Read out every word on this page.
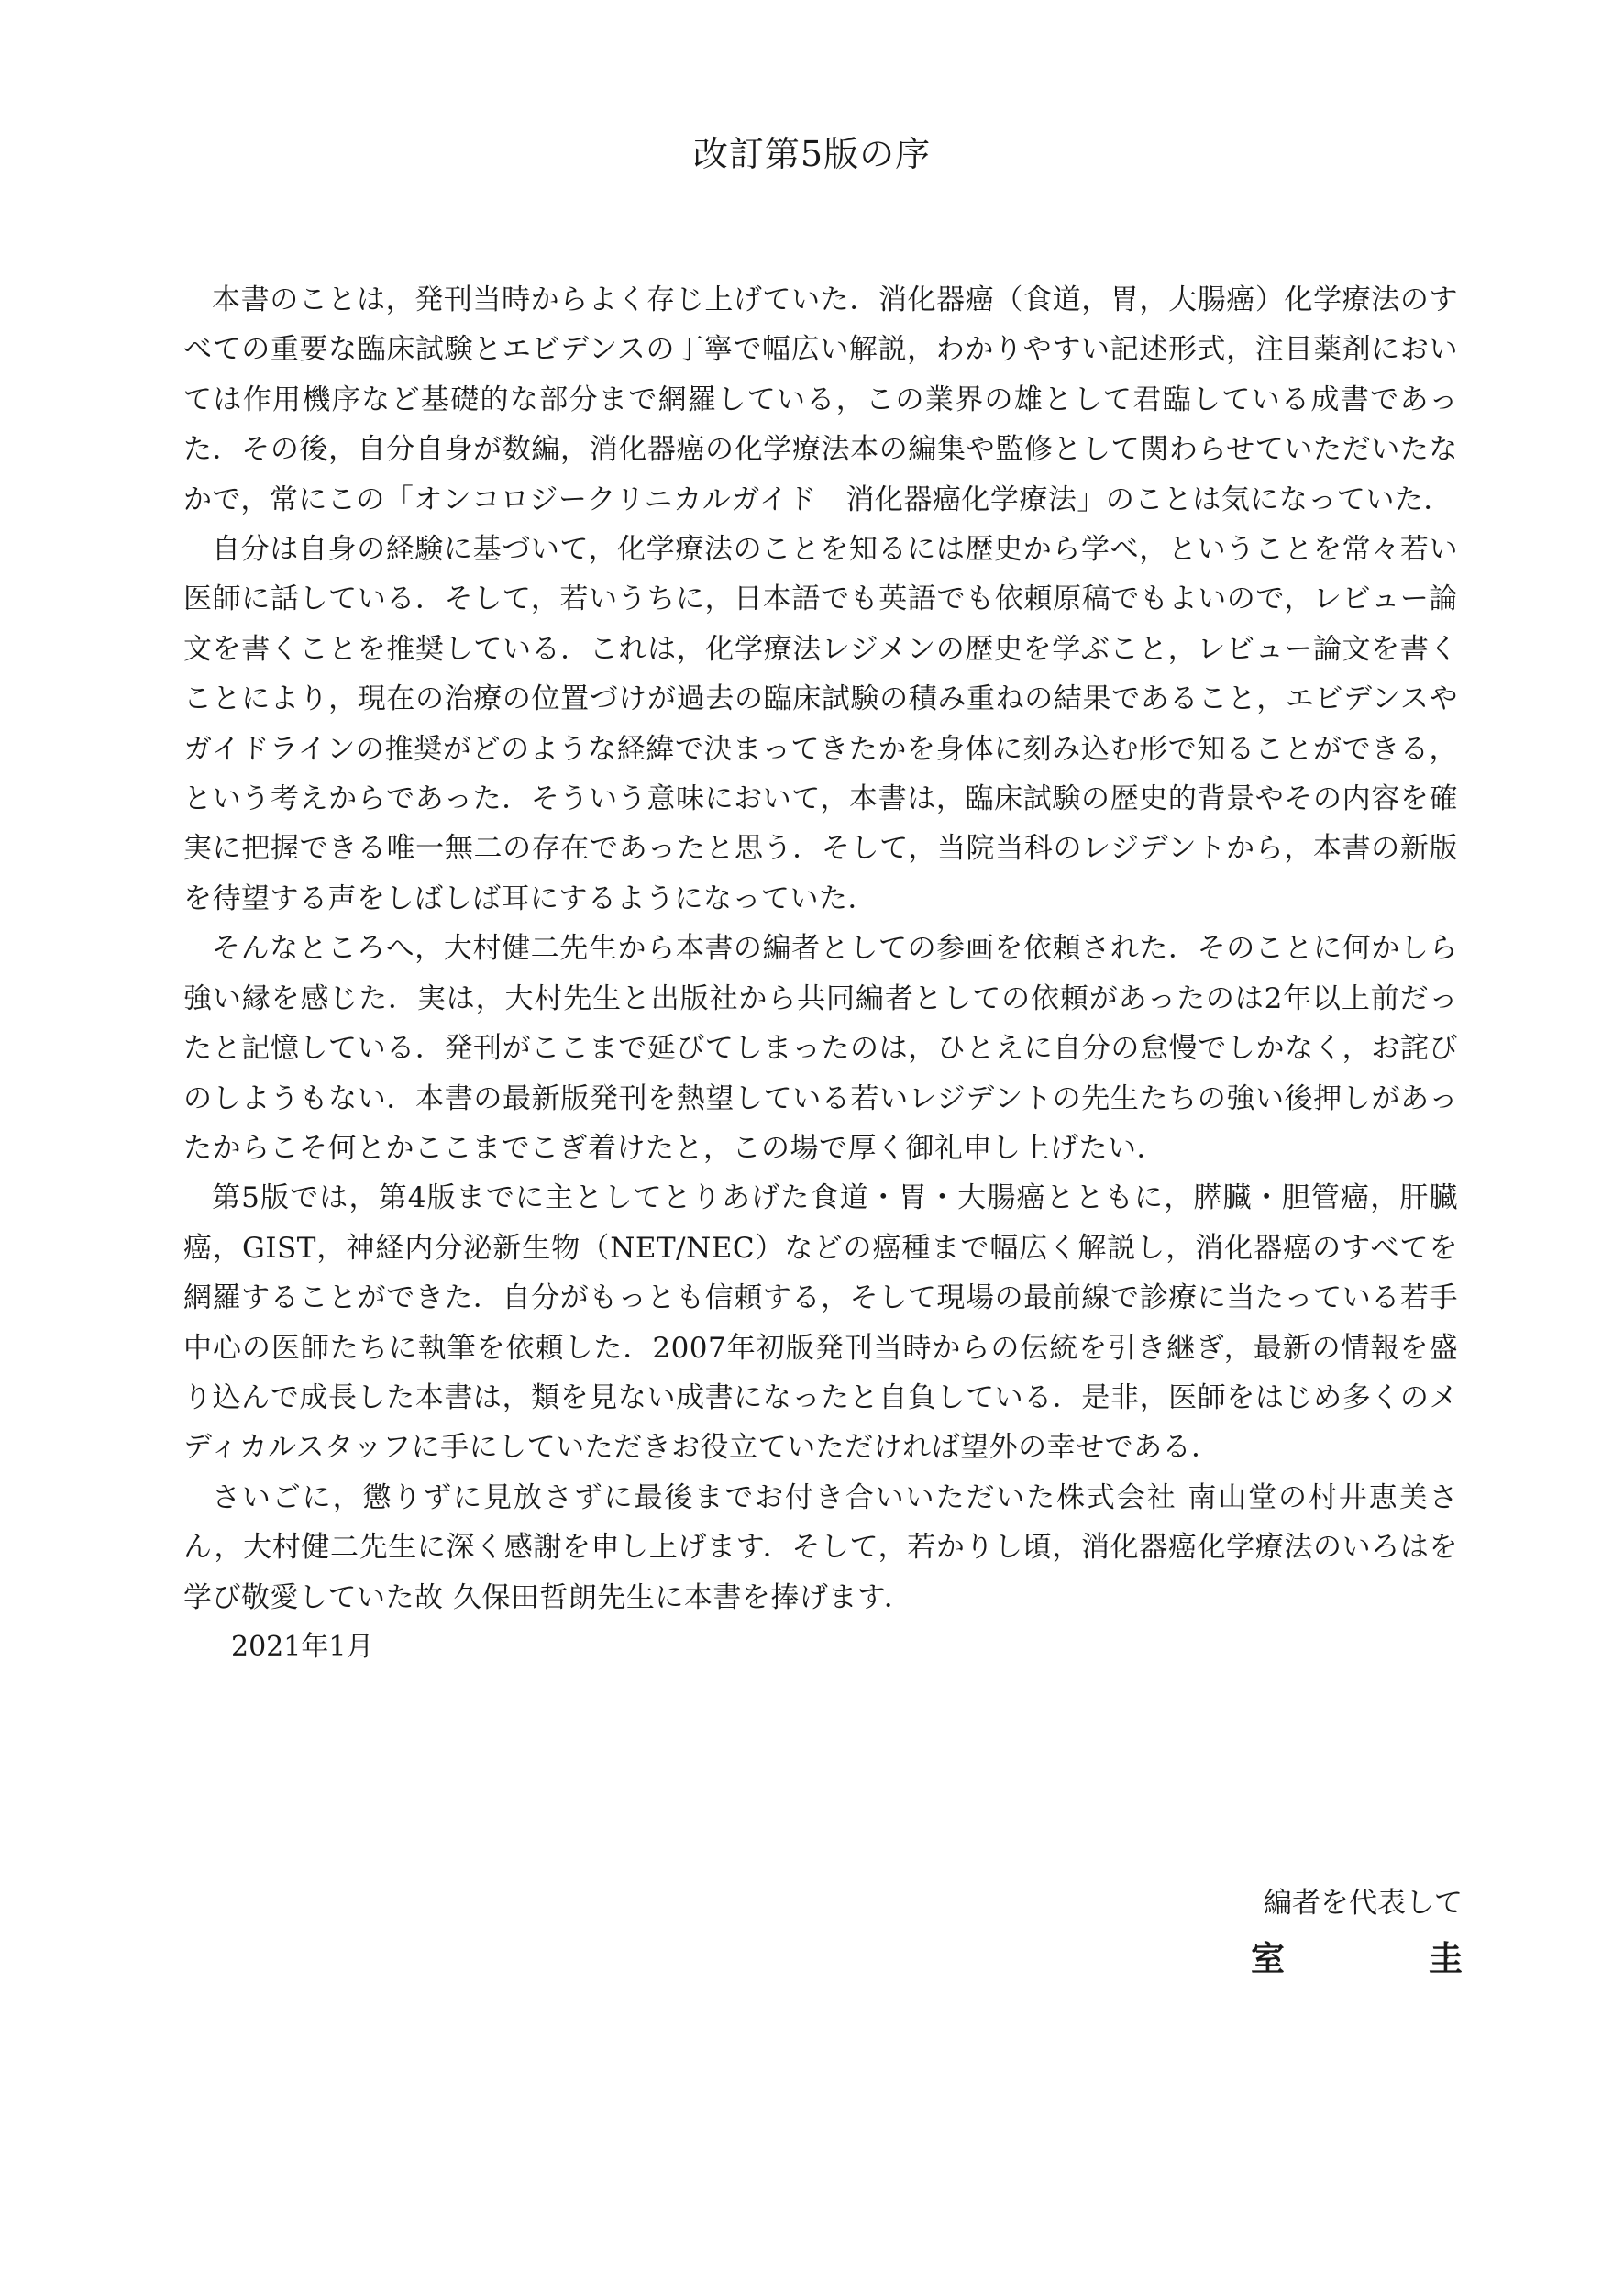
改訂第5版の序

本書のことは，発刊当時からよく存じ上げていた．消化器癌（食道，胃，大腸癌）化学療法のすべての重要な臨床試験とエビデンスの丁寧で幅広い解説，わかりやすい記述形式，注目薬剤においては作用機序など基礎的な部分まで網羅している，この業界の雄として君臨している成書であった．その後，自分自身が数編，消化器癌の化学療法本の編集や監修として関わらせていただいたなかで，常にこの「オンコロジークリニカルガイド　消化器癌化学療法」のことは気になっていた．

自分は自身の経験に基づいて，化学療法のことを知るには歴史から学べ，ということを常々若い医師に話している．そして，若いうちに，日本語でも英語でも依頼原稿でもよいので，レビュー論文を書くことを推奨している．これは，化学療法レジメンの歴史を学ぶこと，レビュー論文を書くことにより，現在の治療の位置づけが過去の臨床試験の積み重ねの結果であること，エビデンスやガイドラインの推奨がどのような経緯で決まってきたかを身体に刻み込む形で知ることができる，という考えからであった．そういう意味において，本書は，臨床試験の歴史的背景やその内容を確実に把握できる唯一無二の存在であったと思う．そして，当院当科のレジデントから，本書の新版を待望する声をしばしば耳にするようになっていた．

そんなところへ，大村健二先生から本書の編者としての参画を依頼された．そのことに何かしら強い縁を感じた．実は，大村先生と出版社から共同編者としての依頼があったのは2年以上前だったと記憶している．発刊がここまで延びてしまったのは，ひとえに自分の怠慢でしかなく，お詫びのしようもない．本書の最新版発刊を熱望している若いレジデントの先生たちの強い後押しがあったからこそ何とかここまでこぎ着けたと，この場で厚く御礼申し上げたい．

第5版では，第4版までに主としてとりあげた食道・胃・大腸癌とともに，膵臓・胆管癌，肝臓癌，GIST，神経内分泌新生物（NET/NEC）などの癌種まで幅広く解説し，消化器癌のすべてを網羅することができた．自分がもっとも信頼する，そして現場の最前線で診療に当たっている若手中心の医師たちに執筆を依頼した．2007年初版発刊当時からの伝統を引き継ぎ，最新の情報を盛り込んで成長した本書は，類を見ない成書になったと自負している．是非，医師をはじめ多くのメディカルスタッフに手にしていただきお役立ていただければ望外の幸せである．

さいごに，懲りずに見放さずに最後までお付き合いいただいた株式会社 南山堂の村井恵美さん，大村健二先生に深く感謝を申し上げます．そして，若かりし頃，消化器癌化学療法のいろはを学び敬愛していた故 久保田哲朗先生に本書を捧げます．

2021年1月

編者を代表して
室　圭
